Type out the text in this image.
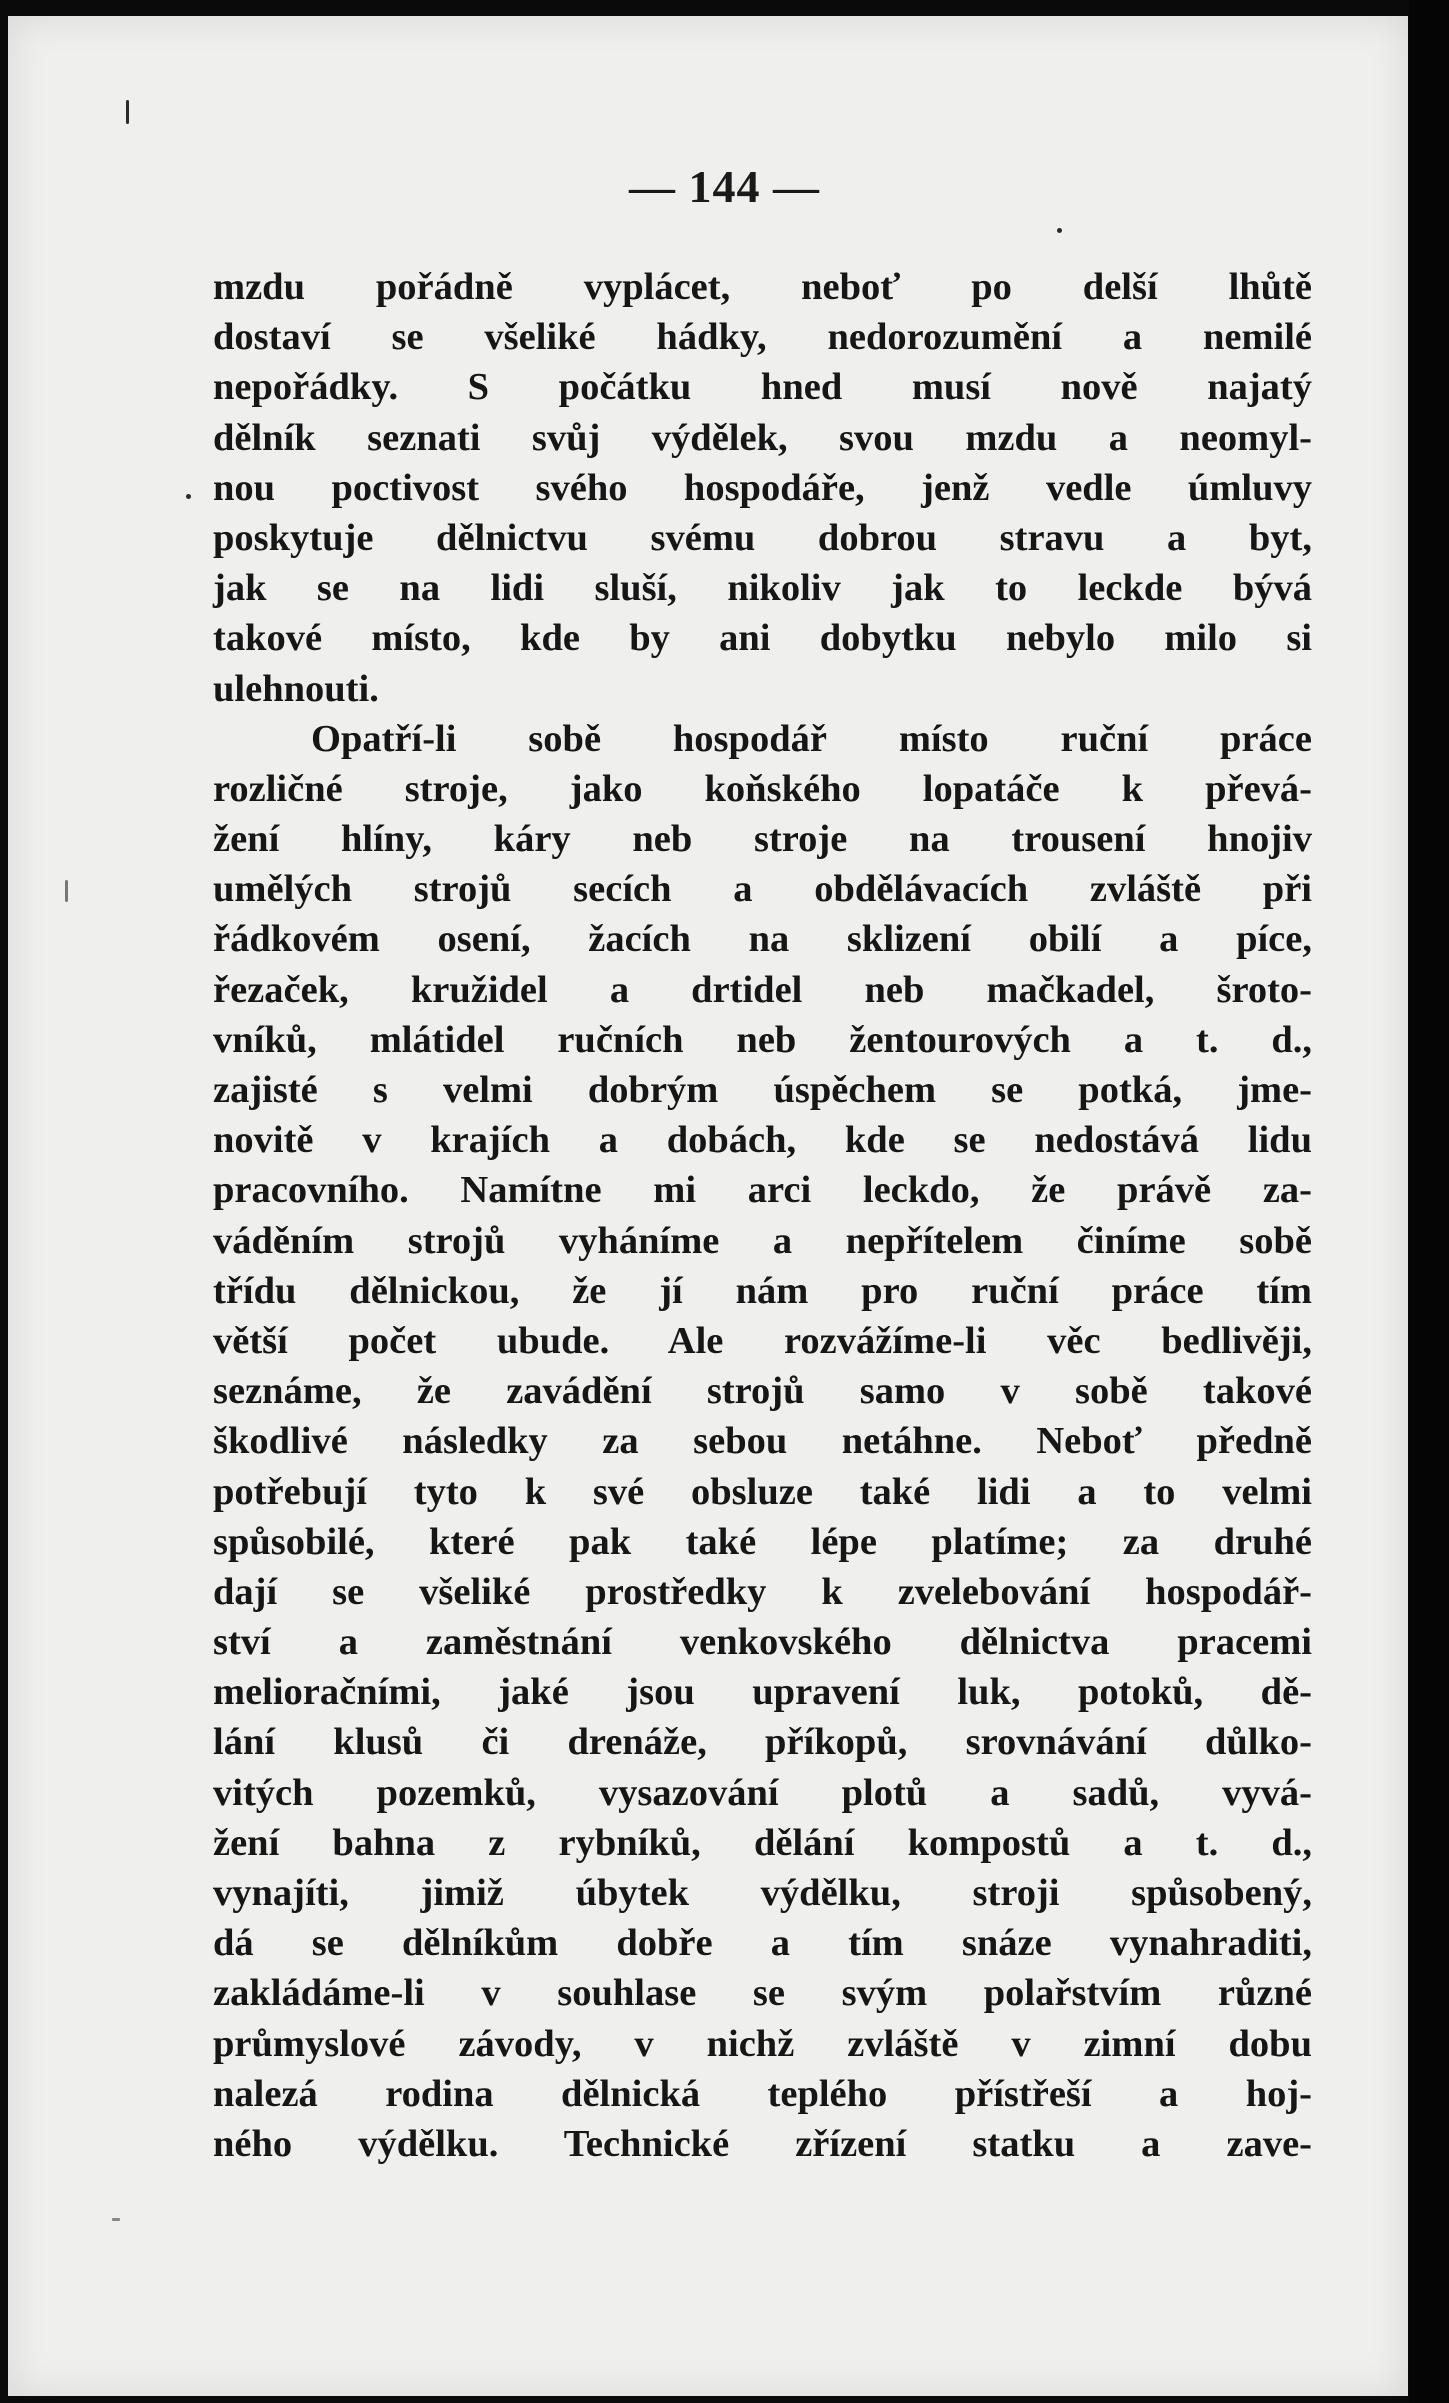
— 144 —
mzdu pořádně vyplácet, neboť po delší lhůtě
dostaví se všeliké hádky, nedorozumění a nemilé
nepořádky. S počátku hned musí nově najatý
dělník seznati svůj výdělek, svou mzdu a neomyl-
nou poctivost svého hospodáře, jenž vedle úmluvy
poskytuje dělnictvu svému dobrou stravu a byt,
jak se na lidi sluší, nikoliv jak to leckde bývá
takové místo, kde by ani dobytku nebylo milo si
ulehnouti.
Opatří-li sobě hospodář místo ruční práce
rozličné stroje, jako koňského lopatáče k převá-
žení hlíny, káry neb stroje na trousení hnojiv
umělých strojů secích a obdělávacích zvláště při
řádkovém osení, žacích na sklizení obilí a píce,
řezaček, kružidel a drtidel neb mačkadel, šroto-
vníků, mlátidel ručních neb žentourových a t. d.,
zajisté s velmi dobrým úspěchem se potká, jme-
novitě v krajích a dobách, kde se nedostává lidu
pracovního. Namítne mi arci leckdo, že právě za-
váděním strojů vyháníme a nepřítelem činíme sobě
třídu dělnickou, že jí nám pro ruční práce tím
větší počet ubude. Ale rozvážíme-li věc bedlivěji,
seznáme, že zavádění strojů samo v sobě takové
škodlivé následky za sebou netáhne. Neboť předně
potřebují tyto k své obsluze také lidi a to velmi
spůsobilé, které pak také lépe platíme; za druhé
dají se všeliké prostředky k zvelebování hospodář-
ství a zaměstnání venkovského dělnictva pracemi
melioračními, jaké jsou upravení luk, potoků, dě-
lání klusů či drenáže, příkopů, srovnávání důlko-
vitých pozemků, vysazování plotů a sadů, vyvá-
žení bahna z rybníků, dělání kompostů a t. d.,
vynajíti, jimiž úbytek výdělku, stroji spůsobený,
dá se dělníkům dobře a tím snáze vynahraditi,
zakládáme-li v souhlase se svým polařstvím různé
průmyslové závody, v nichž zvláště v zimní dobu
nalezá rodina dělnická teplého přístřeší a hoj-
ného výdělku. Technické zřízení statku a zave-
